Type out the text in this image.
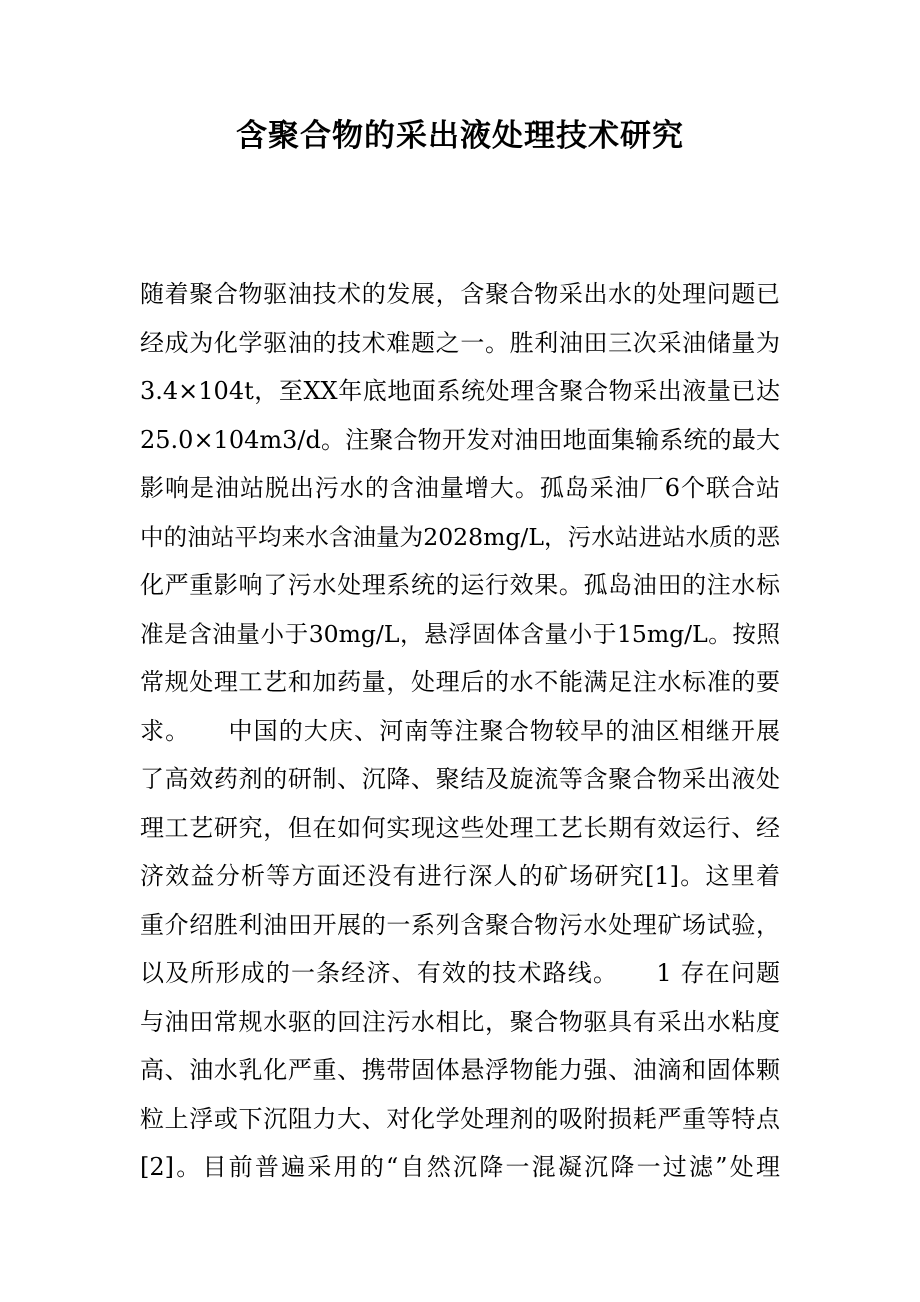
含聚合物的采出液处理技术研究
随着聚合物驱油技术的发展，含聚合物采出水的处理问题已
经成为化学驱油的技术难题之一。胜利油田三次采油储量为
3.4×104t，至XX年底地面系统处理含聚合物采出液量已达
25.0×104m3/d。注聚合物开发对油田地面集输系统的最大
影响是油站脱出污水的含油量增大。孤岛采油厂6个联合站
中的油站平均来水含油量为2028mg/L，污水站进站水质的恶
化严重影响了污水处理系统的运行效果。孤岛油田的注水标
准是含油量小于30mg/L，悬浮固体含量小于15mg/L。按照
常规处理工艺和加药量，处理后的水不能满足注水标准的要
求。　　中国的大庆、河南等注聚合物较早的油区相继开展
了高效药剂的研制、沉降、聚结及旋流等含聚合物采出液处
理工艺研究，但在如何实现这些处理工艺长期有效运行、经
济效益分析等方面还没有进行深人的矿场研究[1]。这里着
重介绍胜利油田开展的一系列含聚合物污水处理矿场试验，
以及所形成的一条经济、有效的技术路线。　　1 存在问题
与油田常规水驱的回注污水相比，聚合物驱具有采出水粘度
高、油水乳化严重、携带固体悬浮物能力强、油滴和固体颗
粒上浮或下沉阻力大、对化学处理剂的吸附损耗严重等特点
[2]。目前普遍采用的“自然沉降一混凝沉降一过滤”处理
